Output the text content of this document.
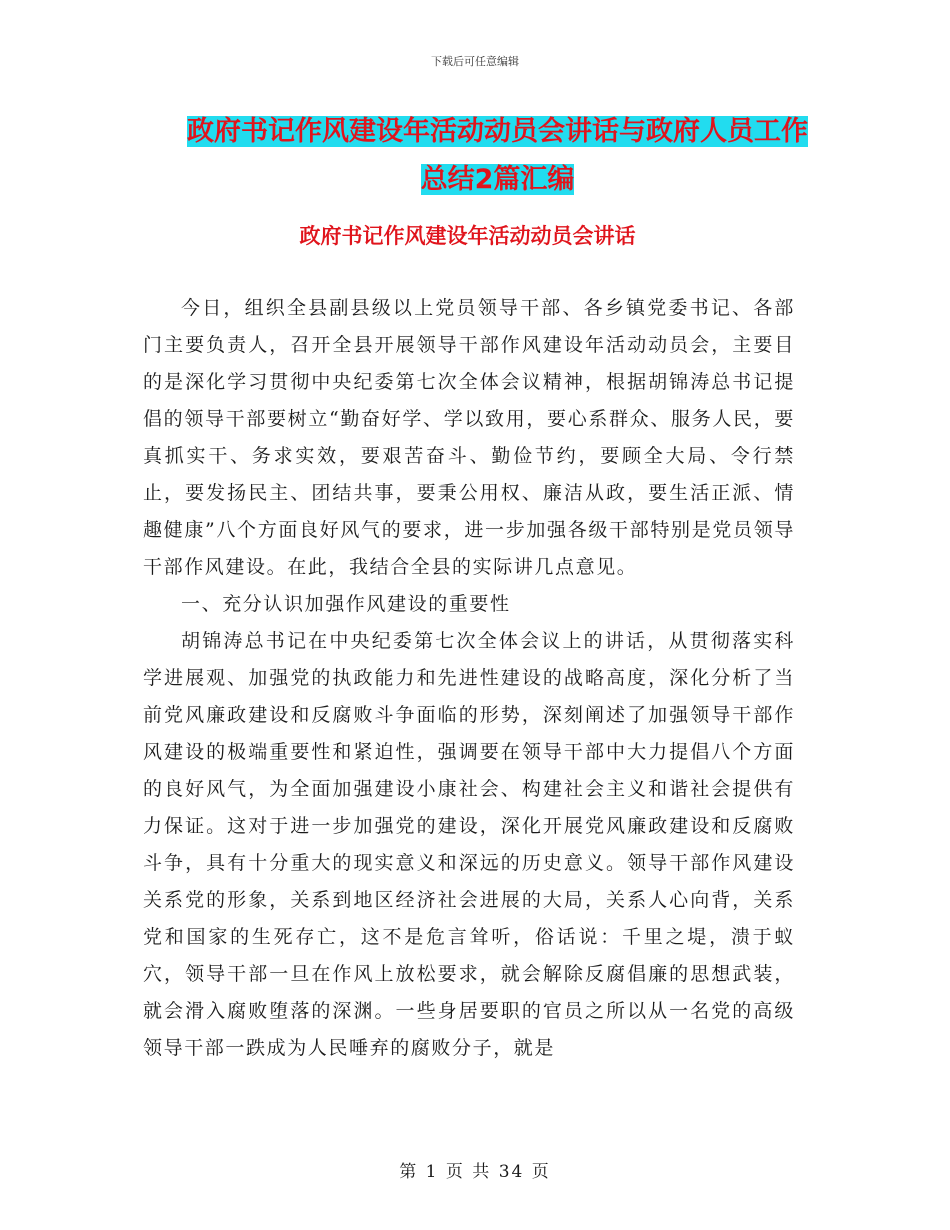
下载后可任意编辑
政府书记作风建设年活动动员会讲话与政府人员工作
总结2篇汇编
政府书记作风建设年活动动员会讲话

今日，组织全县副县级以上党员领导干部、各乡镇党委书记、各部门主要负责人，召开全县开展领导干部作风建设年活动动员会，主要目的是深化学习贯彻中央纪委第七次全体会议精神，根据胡锦涛总书记提倡的领导干部要树立“勤奋好学、学以致用，要心系群众、服务人民，要真抓实干、务求实效，要艰苦奋斗、勤俭节约，要顾全大局、令行禁止，要发扬民主、团结共事，要秉公用权、廉洁从政，要生活正派、情趣健康”八个方面良好风气的要求，进一步加强各级干部特别是党员领导干部作风建设。在此，我结合全县的实际讲几点意见。

一、充分认识加强作风建设的重要性

胡锦涛总书记在中央纪委第七次全体会议上的讲话，从贯彻落实科学进展观、加强党的执政能力和先进性建设的战略高度，深化分析了当前党风廉政建设和反腐败斗争面临的形势，深刻阐述了加强领导干部作风建设的极端重要性和紧迫性，强调要在领导干部中大力提倡八个方面的良好风气，为全面加强建设小康社会、构建社会主义和谐社会提供有力保证。这对于进一步加强党的建设，深化开展党风廉政建设和反腐败斗争，具有十分重大的现实意义和深远的历史意义。领导干部作风建设关系党的形象，关系到地区经济社会进展的大局，关系人心向背，关系党和国家的生死存亡，这不是危言耸听，俗话说：千里之堤，溃于蚁穴，领导干部一旦在作风上放松要求，就会解除反腐倡廉的思想武装，就会滑入腐败堕落的深渊。一些身居要职的官员之所以从一名党的高级领导干部一跌成为人民唾弃的腐败分子，就是

第 1 页 共 34 页
